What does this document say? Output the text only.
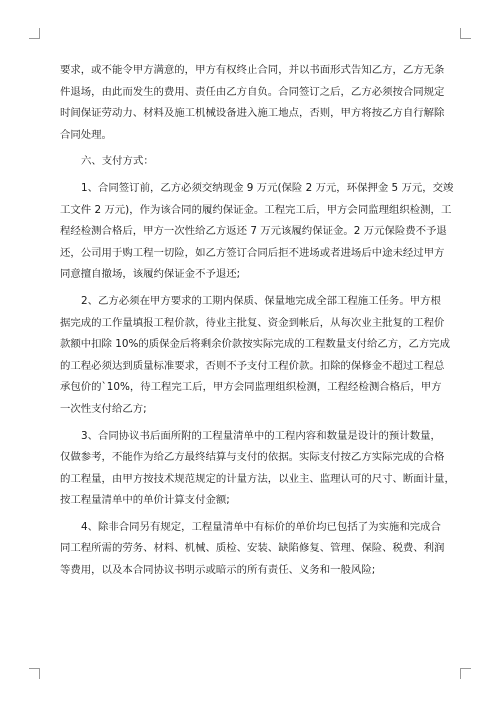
要求，或不能令甲方满意的，甲方有权终止合同，并以书面形式告知乙方，乙方无条
件退场，由此而发生的费用、责任由乙方自负。合同签订之后，乙方必须按合同规定
时间保证劳动力、材料及施工机械设备进入施工地点，否则，甲方将按乙方自行解除
合同处理。
六、支付方式：
1、合同签订前，乙方必须交纳现金 9 万元(保险 2 万元，环保押金 5 万元，交竣
工文件 2 万元)，作为该合同的履约保证金。工程完工后，甲方会同监理组织检测，工
程经检测合格后，甲方一次性给乙方返还 7 万元该履约保证金。2 万元保险费不予退
还，公司用于购工程一切险，如乙方签订合同后拒不进场或者进场后中途未经过甲方
同意擅自撤场，该履约保证金不予退还;
2、乙方必须在甲方要求的工期内保质、保量地完成全部工程施工任务。甲方根
据完成的工作量填报工程价款，待业主批复、资金到帐后，从每次业主批复的工程价
款额中扣除 10%的质保金后将剩余价款按实际完成的工程数量支付给乙方，乙方完成
的工程必须达到质量标准要求，否则不予支付工程价款。扣除的保修金不超过工程总
承包价的`10%，待工程完工后，甲方会同监理组织检测，工程经检测合格后，甲方
一次性支付给乙方;
3、合同协议书后面所附的工程量清单中的工程内容和数量是设计的预计数量，
仅做参考，不能作为给乙方最终结算与支付的依据。实际支付按乙方实际完成的合格
的工程量，由甲方按技术规范规定的计量方法，以业主、监理认可的尺寸、断面计量，
按工程量清单中的单价计算支付金额;
4、除非合同另有规定，工程量清单中有标价的单价均已包括了为实施和完成合
同工程所需的劳务、材料、机械、质检、安装、缺陷修复、管理、保险、税费、利润
等费用，以及本合同协议书明示或暗示的所有责任、义务和一般风险;
